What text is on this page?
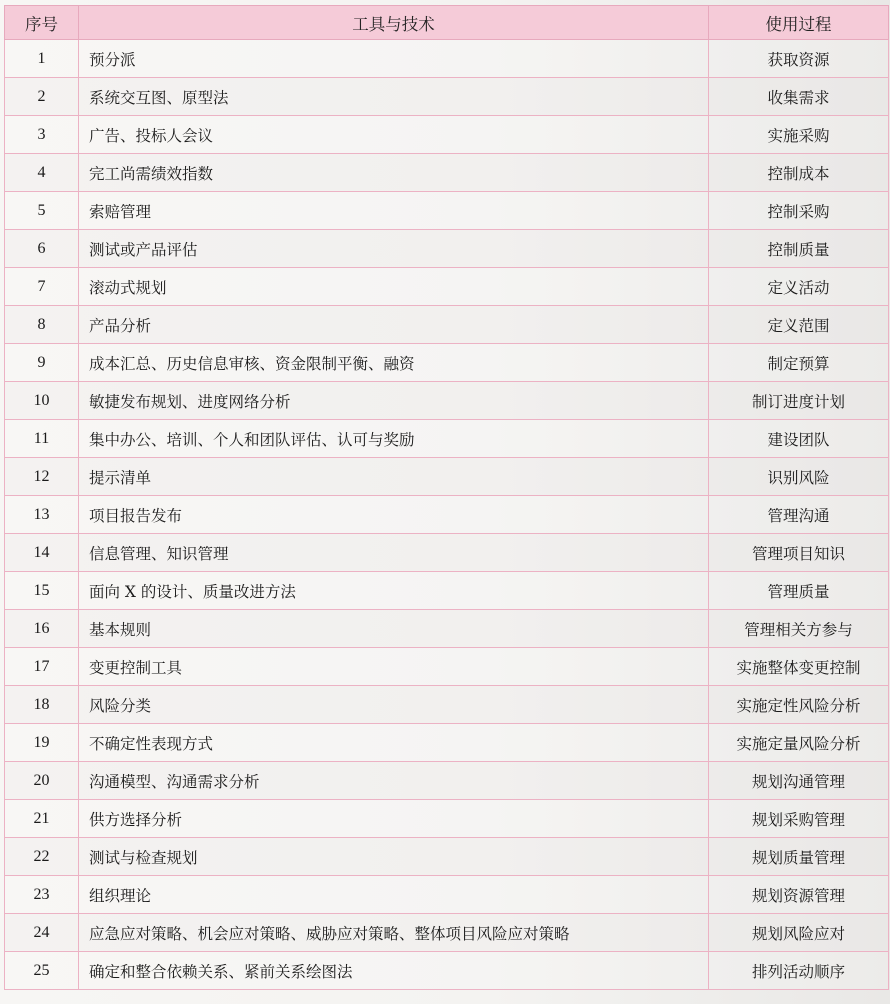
序号	工具与技术	使用过程
1	预分派	获取资源
2	系统交互图、原型法	收集需求
3	广告、投标人会议	实施采购
4	完工尚需绩效指数	控制成本
5	索赔管理	控制采购
6	测试或产品评估	控制质量
7	滚动式规划	定义活动
8	产品分析	定义范围
9	成本汇总、历史信息审核、资金限制平衡、融资	制定预算
10	敏捷发布规划、进度网络分析	制订进度计划
11	集中办公、培训、个人和团队评估、认可与奖励	建设团队
12	提示清单	识别风险
13	项目报告发布	管理沟通
14	信息管理、知识管理	管理项目知识
15	面向 X 的设计、质量改进方法	管理质量
16	基本规则	管理相关方参与
17	变更控制工具	实施整体变更控制
18	风险分类	实施定性风险分析
19	不确定性表现方式	实施定量风险分析
20	沟通模型、沟通需求分析	规划沟通管理
21	供方选择分析	规划采购管理
22	测试与检查规划	规划质量管理
23	组织理论	规划资源管理
24	应急应对策略、机会应对策略、威胁应对策略、整体项目风险应对策略	规划风险应对
25	确定和整合依赖关系、紧前关系绘图法	排列活动顺序
